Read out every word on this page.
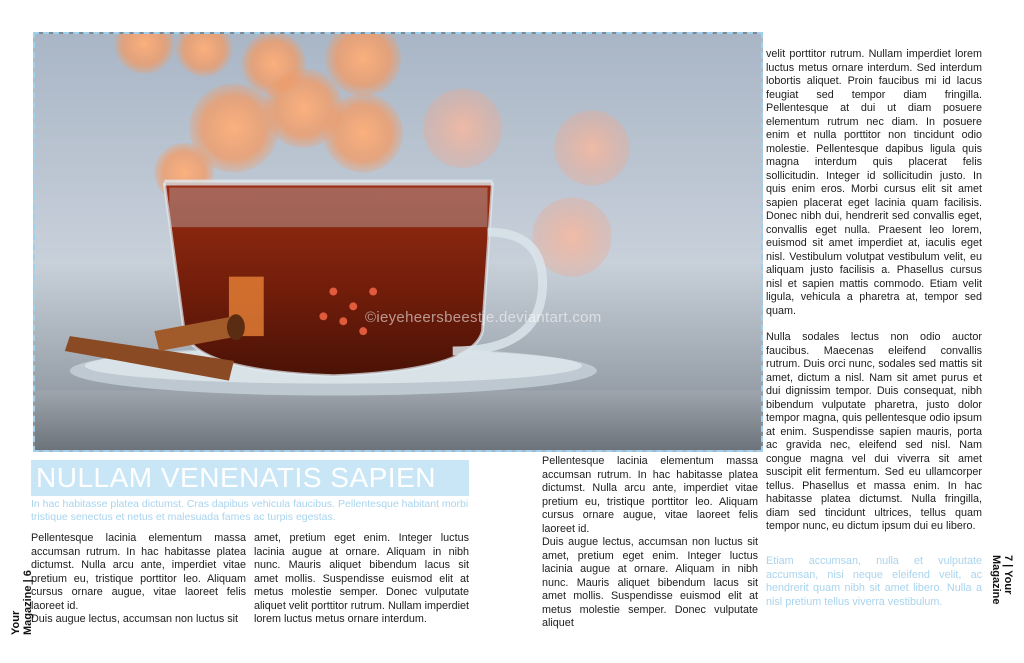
©ieyeheersbeestje.deviantart.com
NULLAM VENENATIS SAPIEN
In hac habitasse platea dictumst. Cras dapibus vehicula faucibus. Pellentesque habitant morbi tristique senectus et netus et malesuada fames ac turpis egestas.

Pellentesque lacinia elementum massa accumsan rutrum. In hac habitasse platea dictumst. Nulla arcu ante, imperdiet vitae pretium eu, tristique porttitor leo. Aliquam cursus ornare augue, vitae laoreet felis laoreet id.

Duis augue lectus, accumsan non luctus sit

amet, pretium eget enim. Integer luctus lacinia augue at ornare. Aliquam in nibh nunc. Mauris aliquet bibendum lacus sit amet mollis. Suspendisse euismod elit at metus molestie semper. Donec vulputate aliquet velit porttitor rutrum. Nullam imperdiet lorem luctus metus ornare interdum.

Pellentesque lacinia elementum massa accumsan rutrum. In hac habitasse platea dictumst. Nulla arcu ante, imperdiet vitae pretium eu, tristique porttitor leo. Aliquam cursus ornare augue, vitae laoreet felis laoreet id.

Duis augue lectus, accumsan non luctus sit amet, pretium eget enim. Integer luctus lacinia augue at ornare. Aliquam in nibh nunc. Mauris aliquet bibendum lacus sit amet mollis. Suspendisse euismod elit at metus molestie semper. Donec vulputate aliquet

velit porttitor rutrum. Nullam imperdiet lorem luctus metus ornare interdum. Sed interdum lobortis aliquet. Proin faucibus mi id lacus feugiat sed tempor diam fringilla. Pellentesque at dui ut diam posuere elementum rutrum nec diam. In posuere enim et nulla porttitor non tincidunt odio molestie. Pellentesque dapibus ligula quis magna interdum quis placerat felis sollicitudin. Integer id sollicitudin justo. In quis enim eros. Morbi cursus elit sit amet sapien placerat eget lacinia quam facilisis. Donec nibh dui, hendrerit sed convallis eget, convallis eget nulla. Praesent leo lorem, euismod sit amet imperdiet at, iaculis eget nisl. Vestibulum volutpat vestibulum velit, eu aliquam justo facilisis a. Phasellus cursus nisl et sapien mattis commodo. Etiam velit ligula, vehicula a pharetra at, tempor sed quam.

Nulla sodales lectus non odio auctor faucibus. Maecenas eleifend convallis rutrum. Duis orci nunc, sodales sed mattis sit amet, dictum a nisl. Nam sit amet purus et dui dignissim tempor. Duis consequat, nibh bibendum vulputate pharetra, justo dolor tempor magna, quis pellentesque odio ipsum at enim. Suspendisse sapien mauris, porta ac gravida nec, eleifend sed nisl. Nam congue magna vel dui viverra sit amet suscipit elit fermentum. Sed eu ullamcorper tellus. Phasellus et massa enim. In hac habitasse platea dictumst. Nulla fringilla, diam sed tincidunt ultrices, tellus quam tempor nunc, eu dictum ipsum dui eu libero.

Etiam accumsan, nulla et vulputate accumsan, nisi neque eleifend velit, ac hendrerit quam nibh sit amet libero. Nulla a nisl pretium tellus viverra vestibulum.
Your Magazine | 6	7 | Your Magazine
